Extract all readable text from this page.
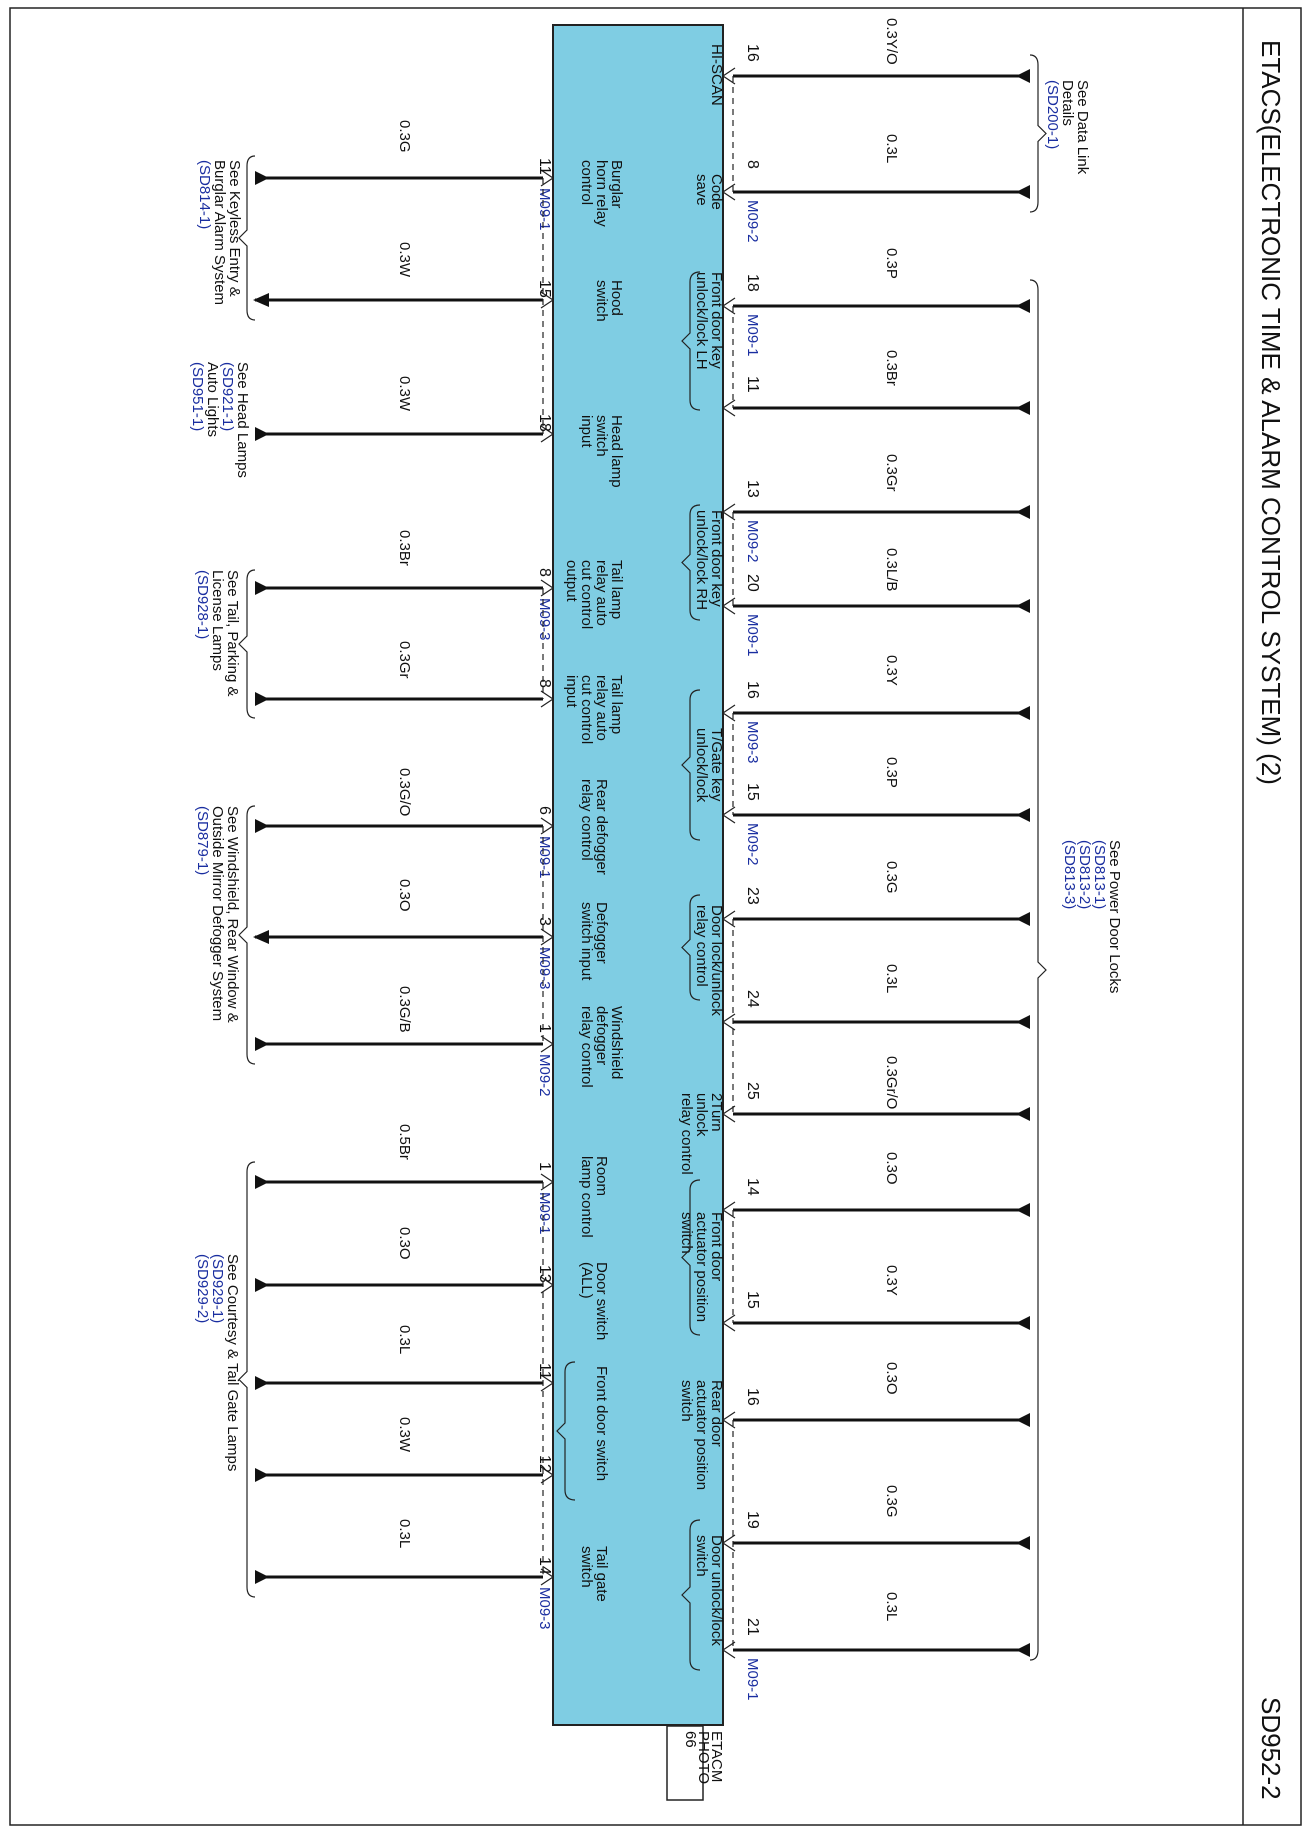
ETACS(ELECTRONIC TIME & ALARM CONTROL SYSTEM) (2)
SD952-2
ETACM
PHOTO
66
16	0.3Y/O
8
0.3L
M09-2
18
0.3P
M09-1
11	0.3Br
13	0.3Gr
M09-2
20	0.3L/B
M09-1
16
0.3Y
M09-3
15
0.3P
M09-2
23
0.3G
24
0.3L
25	0.3Gr/O
14
0.3O
15
0.3Y
16
0.3O
19
0.3G
21
0.3L
M09-1
11
0.3G
M09-1
15
0.3W
18
0.3W
8
0.3Br
M09-3
8
0.3Gr
6
0.3G/O
M09-1
3
0.3O
M09-3
1
0.3G/B
M09-2
1
0.5Br
M09-1
13
0.3O
11
0.3L
12
0.3W
14
0.3L
M09-3
HI-SCAN
Code
save
Front door key
unlock/lock LH
Front door key
unlock/lock RH
T/Gate key
unlock/lock
Door lock/unlock
relay control
2Turn
unlock
relay control
Front door
actuator position
switch
Rear door
actuator position
switch
Door unlock/lock
switch
Burglar
horn relay
control
Hood
switch
Head lamp
switch
input
Tail lamp
relay auto
cut control
output
Tail lamp
relay auto
cut control
input
Rear defogger
relay control
Defogger
switch input
Windshield
defogger
relay control
Room
lamp control
Door switch
(ALL)
Front door switch
Tail gate
switch
See Data Link
Details
(SD200-1)
See Power Door Locks
(SD813-1)
(SD813-2)
(SD813-3)
See Keyless Entry &
Burglar Alarm System
(SD814-1)
See Head Lamps
(SD921-1)
Auto Lights
(SD951-1)
See Tail, Parking &
License Lamps
(SD928-1)
See Windshield, Rear Window &
Outside Mirror Defogger System
(SD879-1)
See Courtesy & Tail Gate Lamps
(SD929-1)
(SD929-2)
